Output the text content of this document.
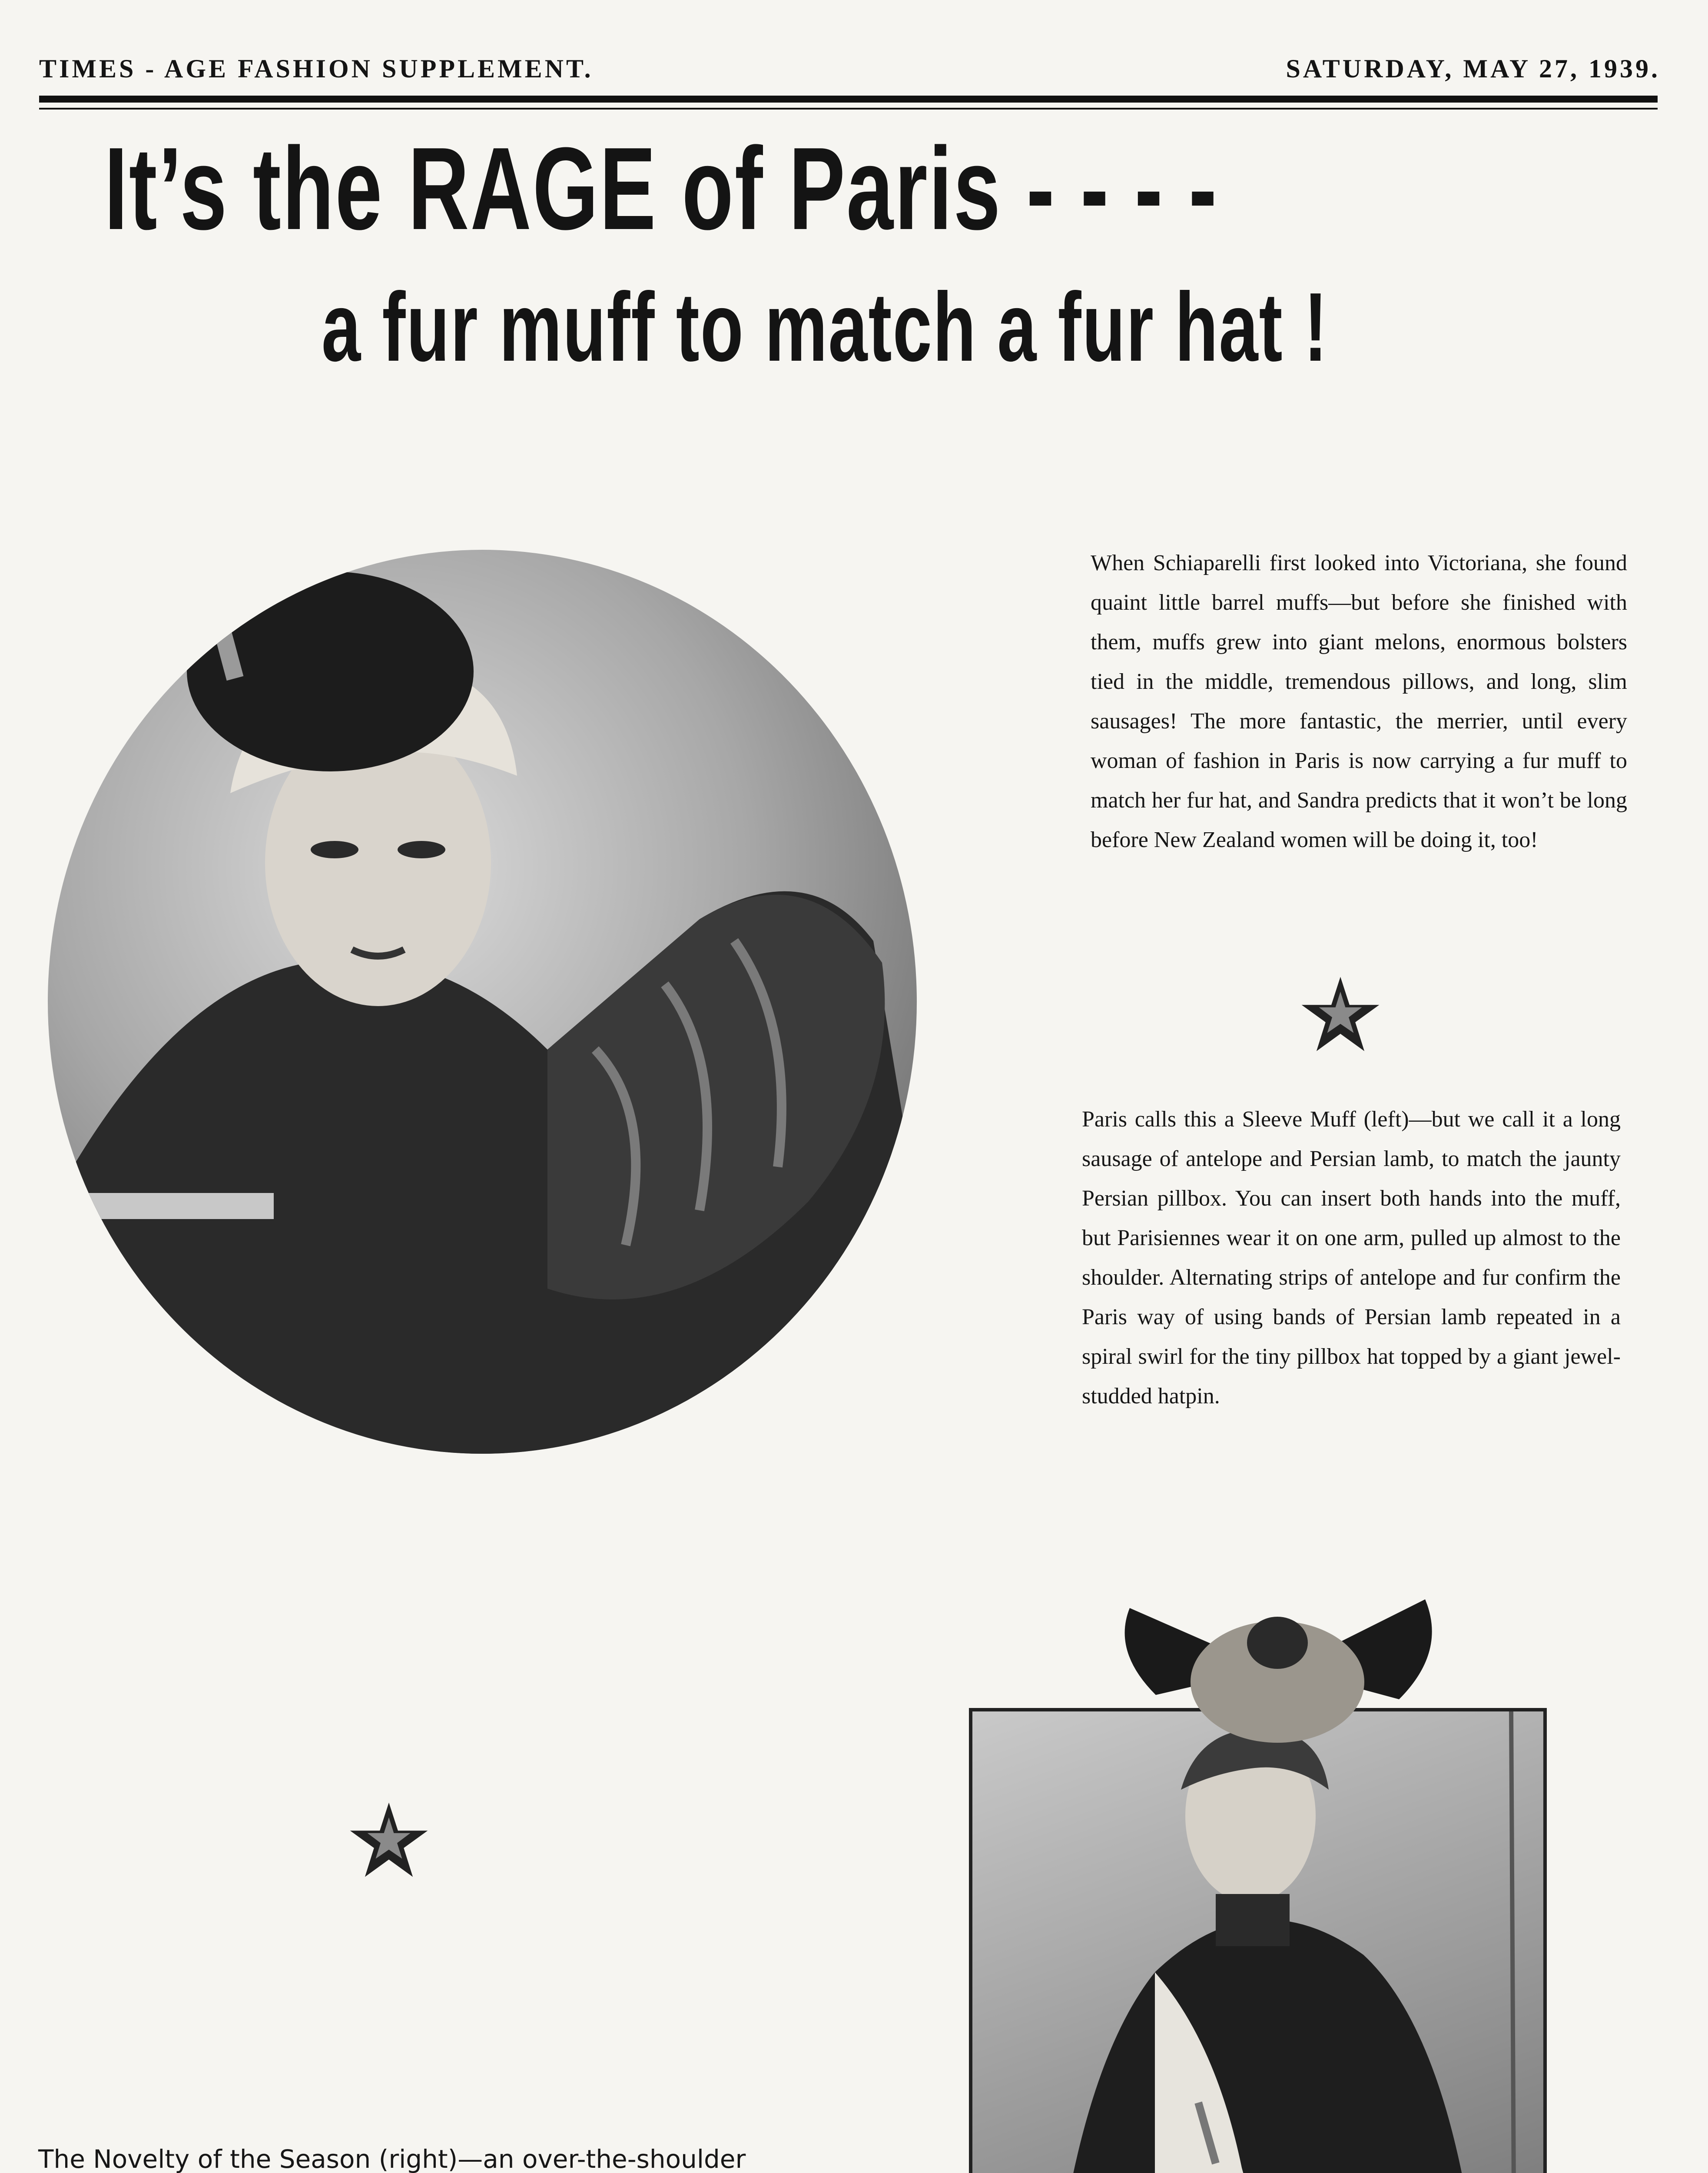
TIMES - AGE FASHION SUPPLEMENT.	SATURDAY, MAY 27, 1939.
It’s the RAGE of Paris - - - -
a fur muff to match a fur hat !
When Schiaparelli first looked into Victoriana, she found quaint little barrel muffs—but before she finished with them, muffs grew into giant melons, enormous bolsters tied in the middle, tremendous pillows, and long, slim sausages! The more fantastic, the merrier, until every woman of fashion in Paris is now carrying a fur muff to match her fur hat, and Sandra predicts that it won’t be long before New Zealand women will be doing it, too!
Paris calls this a Sleeve Muff (left)—but we call it a long sausage of antelope and Persian lamb, to match the jaunty Persian pillbox. You can insert both hands into the muff, but Parisiennes wear it on one arm, pulled up almost to the shoulder. Alternating strips of antelope and fur confirm the Paris way of using bands of Persian lamb repeated in a spiral swirl for the tiny pillbox hat topped by a giant jewel-studded hatpin.
The Novelty of the Season (right)—an over-the-shoulder
